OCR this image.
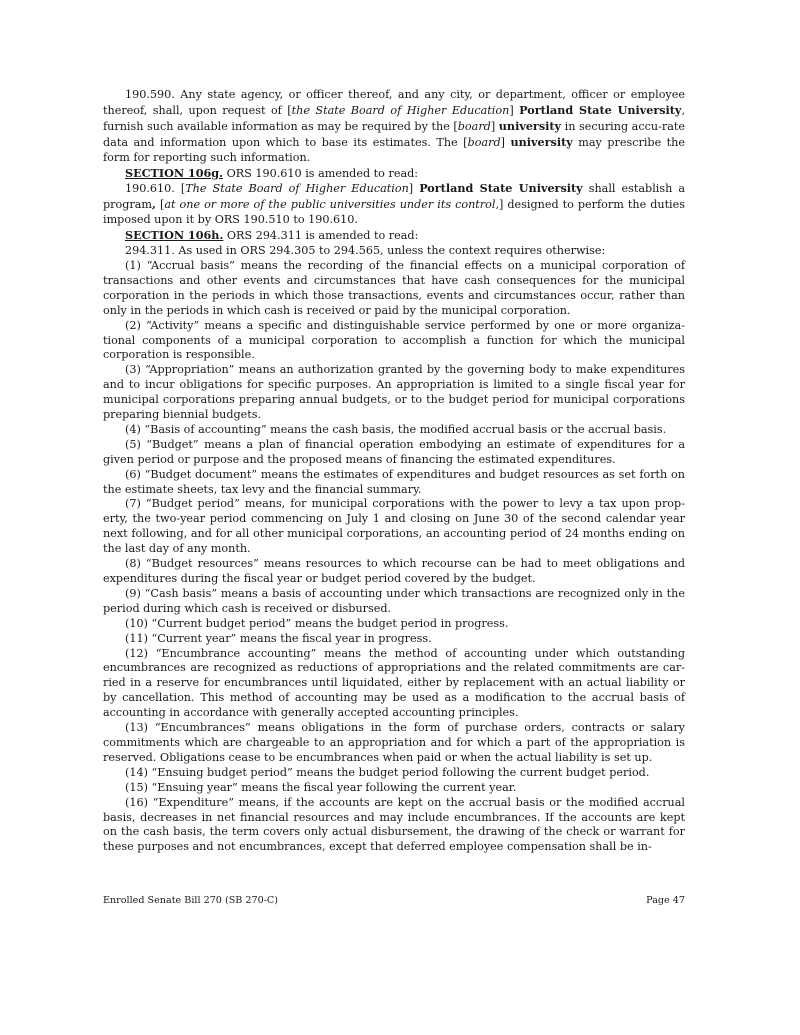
190.590. Any state agency, or officer thereof, and any city, or department, officer or employee thereof, shall, upon request of [the State Board of Higher Education] Portland State University, furnish such available information as may be required by the [board] university in securing accu-rate data and information upon which to base its estimates. The [board] university may prescribe the form for reporting such information.

SECTION 106g. ORS 190.610 is amended to read:

190.610. [The State Board of Higher Education] Portland State University shall establish a program, [at one or more of the public universities under its control,] designed to perform the duties imposed upon it by ORS 190.510 to 190.610.

SECTION 106h. ORS 294.311 is amended to read:

294.311. As used in ORS 294.305 to 294.565, unless the context requires otherwise:

(1) “Accrual basis” means the recording of the financial effects on a municipal corporation of transactions and other events and circumstances that have cash consequences for the municipal corporation in the periods in which those transactions, events and circumstances occur, rather than only in the periods in which cash is received or paid by the municipal corporation.

(2) “Activity” means a specific and distinguishable service performed by one or more organiza-tional components of a municipal corporation to accomplish a function for which the municipal corporation is responsible.

(3) “Appropriation” means an authorization granted by the governing body to make expenditures and to incur obligations for specific purposes. An appropriation is limited to a single fiscal year for municipal corporations preparing annual budgets, or to the budget period for municipal corporations preparing biennial budgets.

(4) “Basis of accounting” means the cash basis, the modified accrual basis or the accrual basis.

(5) “Budget” means a plan of financial operation embodying an estimate of expenditures for a given period or purpose and the proposed means of financing the estimated expenditures.

(6) “Budget document” means the estimates of expenditures and budget resources as set forth on the estimate sheets, tax levy and the financial summary.

(7) “Budget period” means, for municipal corporations with the power to levy a tax upon prop-erty, the two-year period commencing on July 1 and closing on June 30 of the second calendar year next following, and for all other municipal corporations, an accounting period of 24 months ending on the last day of any month.

(8) “Budget resources” means resources to which recourse can be had to meet obligations and expenditures during the fiscal year or budget period covered by the budget.

(9) “Cash basis” means a basis of accounting under which transactions are recognized only in the period during which cash is received or disbursed.

(10) “Current budget period” means the budget period in progress.

(11) “Current year” means the fiscal year in progress.

(12) “Encumbrance accounting” means the method of accounting under which outstanding encumbrances are recognized as reductions of appropriations and the related commitments are car-ried in a reserve for encumbrances until liquidated, either by replacement with an actual liability or by cancellation. This method of accounting may be used as a modification to the accrual basis of accounting in accordance with generally accepted accounting principles.

(13) “Encumbrances” means obligations in the form of purchase orders, contracts or salary commitments which are chargeable to an appropriation and for which a part of the appropriation is reserved. Obligations cease to be encumbrances when paid or when the actual liability is set up.

(14) “Ensuing budget period” means the budget period following the current budget period.

(15) “Ensuing year” means the fiscal year following the current year.

(16) “Expenditure” means, if the accounts are kept on the accrual basis or the modified accrual basis, decreases in net financial resources and may include encumbrances. If the accounts are kept on the cash basis, the term covers only actual disbursement, the drawing of the check or warrant for these purposes and not encumbrances, except that deferred employee compensation shall be in-

Enrolled Senate Bill 270 (SB 270-C)	Page 47
